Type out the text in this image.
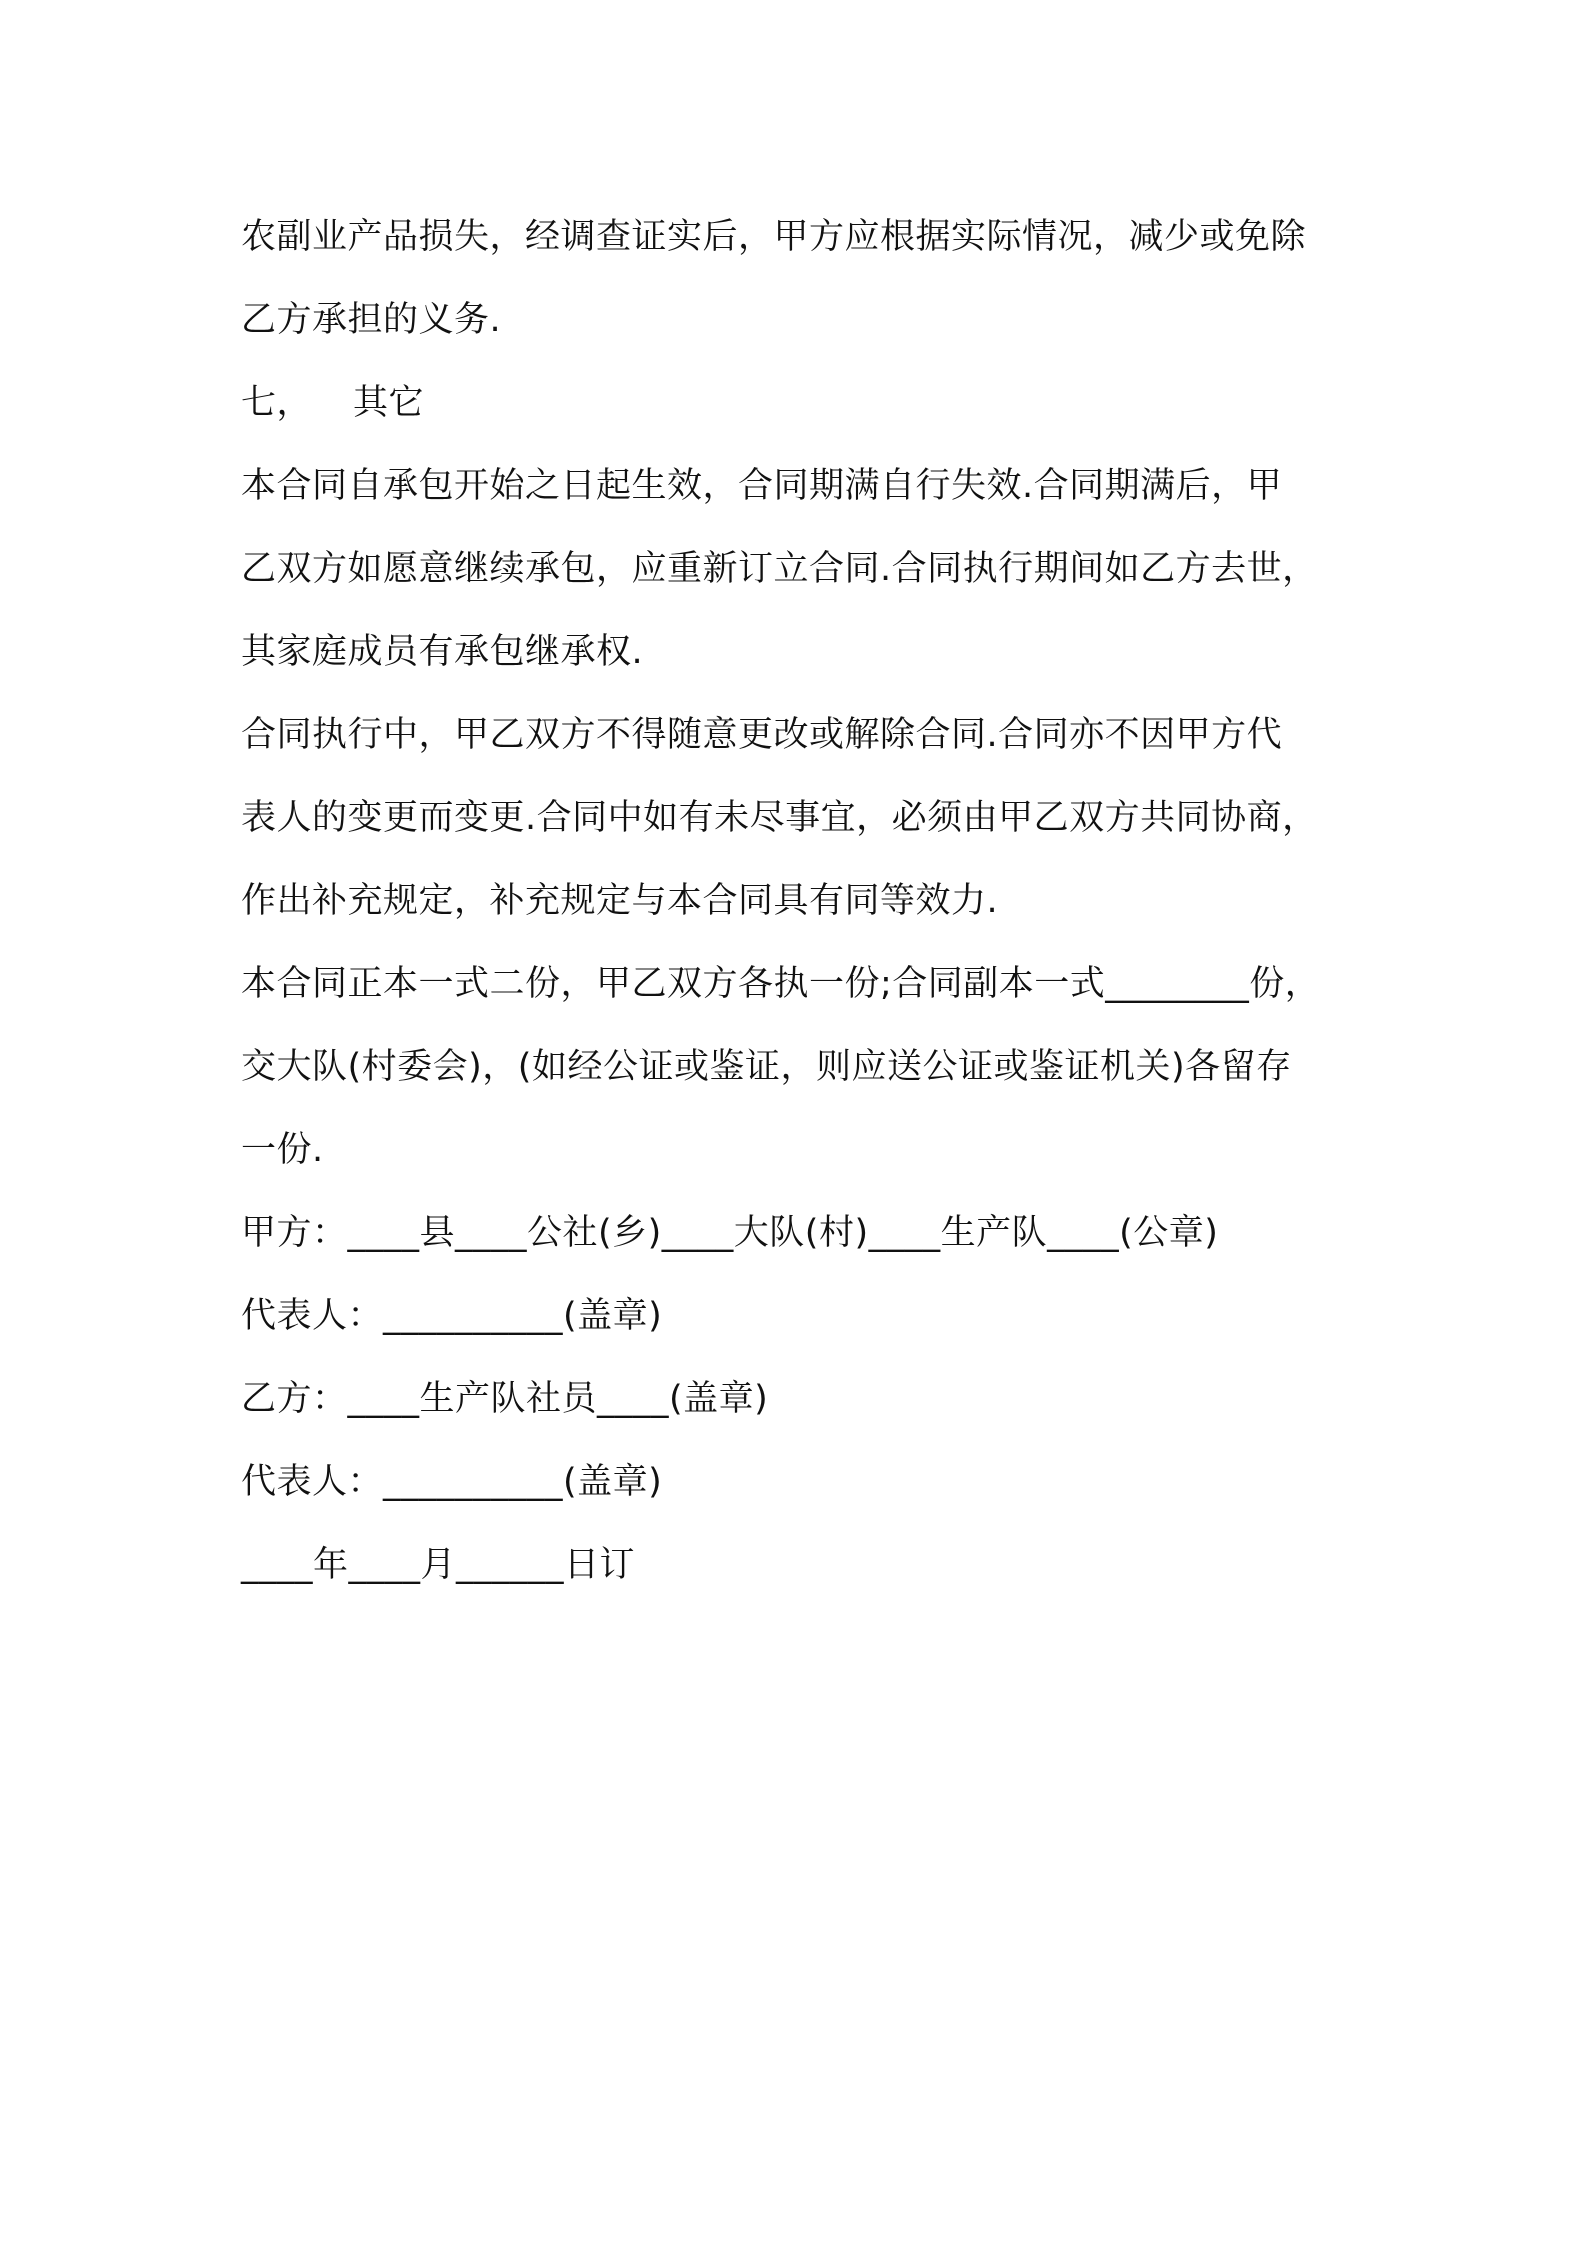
农副业产品损失，经调查证实后，甲方应根据实际情况，减少或免除
乙方承担的义务.
七， 其它
本合同自承包开始之日起生效，合同期满自行失效.合同期满后，甲
乙双方如愿意继续承包，应重新订立合同.合同执行期间如乙方去世，
其家庭成员有承包继承权.
合同执行中，甲乙双方不得随意更改或解除合同.合同亦不因甲方代
表人的变更而变更.合同中如有未尽事宜，必须由甲乙双方共同协商，
作出补充规定，补充规定与本合同具有同等效力.
本合同正本一式二份，甲乙双方各执一份;合同副本一式________份，
交大队(村委会)，(如经公证或鉴证，则应送公证或鉴证机关)各留存
一份.
甲方：____县____公社(乡)____大队(村)____生产队____(公章)
代表人：__________(盖章)
乙方：____生产队社员____(盖章)
代表人：__________(盖章)
____年____月______日订
